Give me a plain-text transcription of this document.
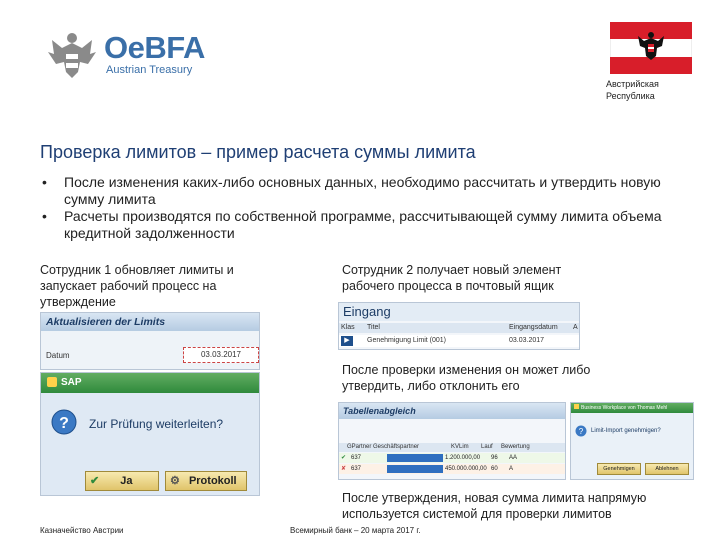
OeBFA
Austrian Treasury
Австрийская
Республика
Проверка лимитов – пример расчета суммы лимита
• После изменения каких-либо основных данных, необходимо рассчитать и утвердить новую сумму лимита
• Расчеты производятся по собственной программе, рассчитывающей сумму лимита объема кредитной задолженности
Сотрудник 1 обновляет лимиты и запускает рабочий процесс на утверждение
Aktualisieren der Limits
Datum	03.03.2017
SAP
? Zur Prüfung weiterleiten?
✔ Ja	⚙ Protokoll
Сотрудник 2 получает новый элемент рабочего процесса в почтовый ящик
Eingang
Klas Titel	Eingangsdatum A
▶	Genehmigung Limit (001)	03.03.2017
После проверки изменения он может либо утвердить, либо отклонить его
Tabellenabgleich
GPartner Geschäftspartner	KVLim Lauf Bewertung
✔ 637	1.200.000,00 96 AA
✘ 637	450.000.000,00 60 A
Business Workplace von Thomas Mehl
? Limit-Import genehmigen?
Genehmigen	Ablehnen
После утверждения, новая сумма лимита напрямую используется системой для проверки лимитов
Казначейство Австрии	Всемирный банк – 20 марта 2017 г.
